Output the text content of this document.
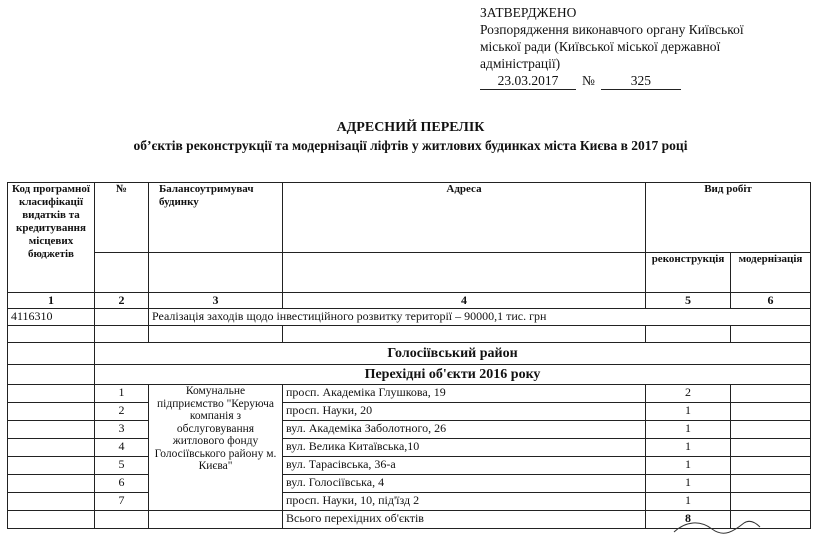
ЗАТВЕРДЖЕНО
Розпорядження виконавчого органу Київської
міської ради (Київської міської державної
адміністрації)
23.03.2017	№	325
АДРЕСНИЙ ПЕРЕЛІК
об’єктів реконструкції та модернізації ліфтів у житлових будинках міста Києва в 2017 році
Код програмної класифікації видатків та кредитування місцевих бюджетів	№	Балансоутримувач будинку	Адреса	Вид робіт	
				реконструкція	модернізація
1	2	3	4	5	6
4116310		Реалізація заходів щодо інвестиційного розвитку території – 90000,1 тис. грн			

	Голосіївський район				
	Перехідні об'єкти 2016 року				
	1	Комунальне підприємство "Керуюча компанія з обслуговування житлового фонду Голосіївського району м. Києва"	просп. Академіка Глушкова, 19	2	
	2		просп. Науки, 20	1	
	3		вул. Академіка Заболотного, 26	1	
	4		вул. Велика Китаївська,10	1	
	5		вул. Тарасівська, 36-а	1	
	6		вул. Голосіївська, 4	1	
	7		просп. Науки, 10, під'їзд 2	1	
			Всього перехідних об'єктів	8	
